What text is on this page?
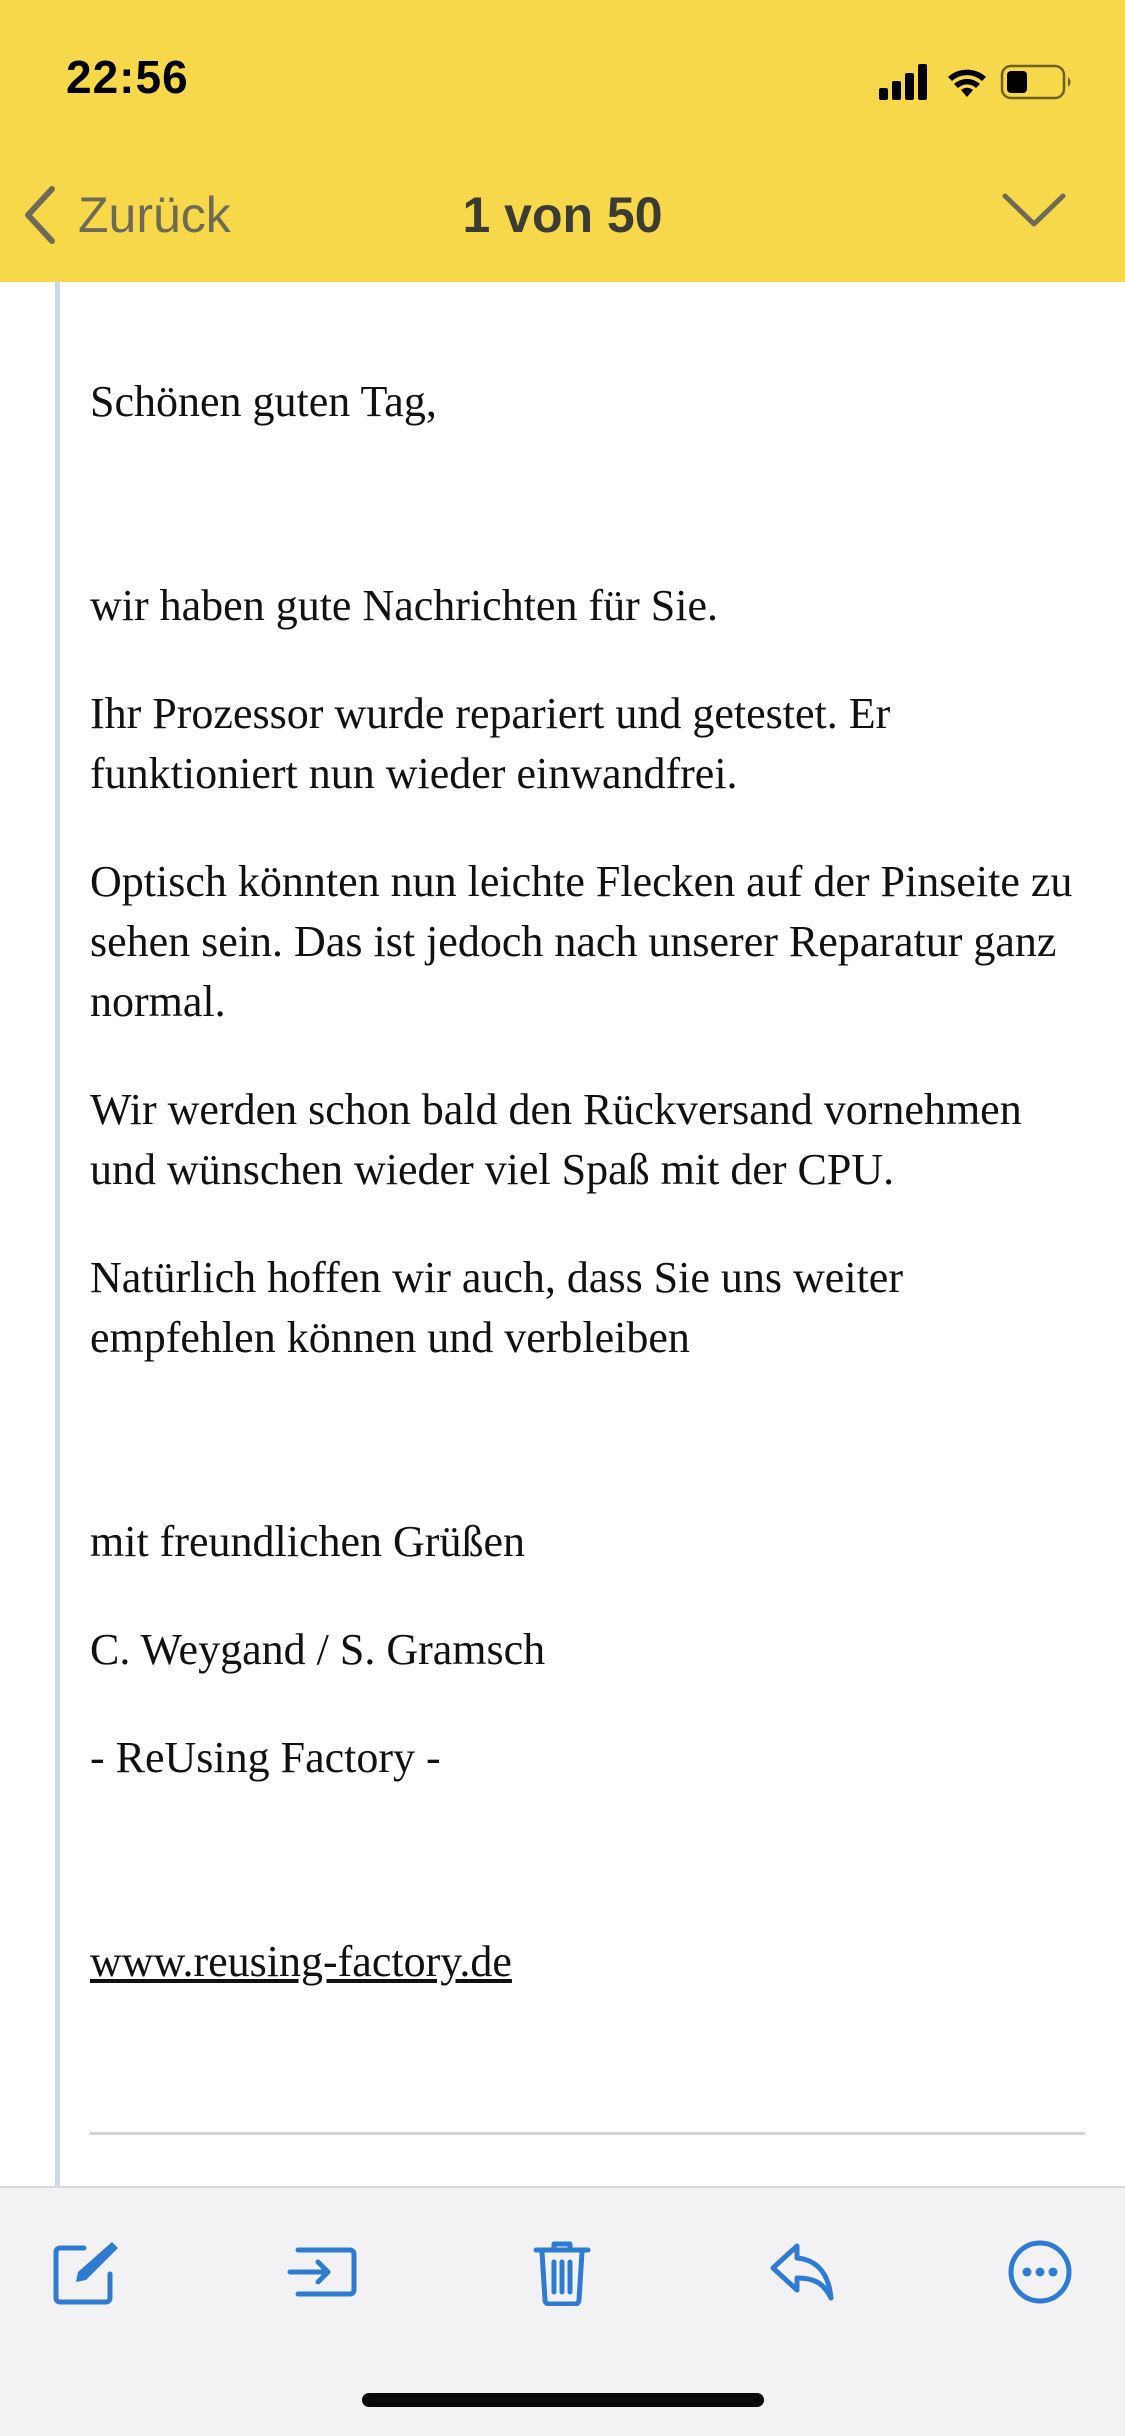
22:56
Zurück	1 von 50

Schönen guten Tag,

wir haben gute Nachrichten für Sie.

Ihr Prozessor wurde repariert und getestet. Er funktioniert nun wieder einwandfrei.

Optisch könnten nun leichte Flecken auf der Pinseite zu sehen sein. Das ist jedoch nach unserer Reparatur ganz normal.

Wir werden schon bald den Rückversand vornehmen und wünschen wieder viel Spaß mit der CPU.

Natürlich hoffen wir auch, dass Sie uns weiter empfehlen können und verbleiben

mit freundlichen Grüßen

C. Weygand / S. Gramsch

- ReUsing Factory -

www.reusing-factory.de
